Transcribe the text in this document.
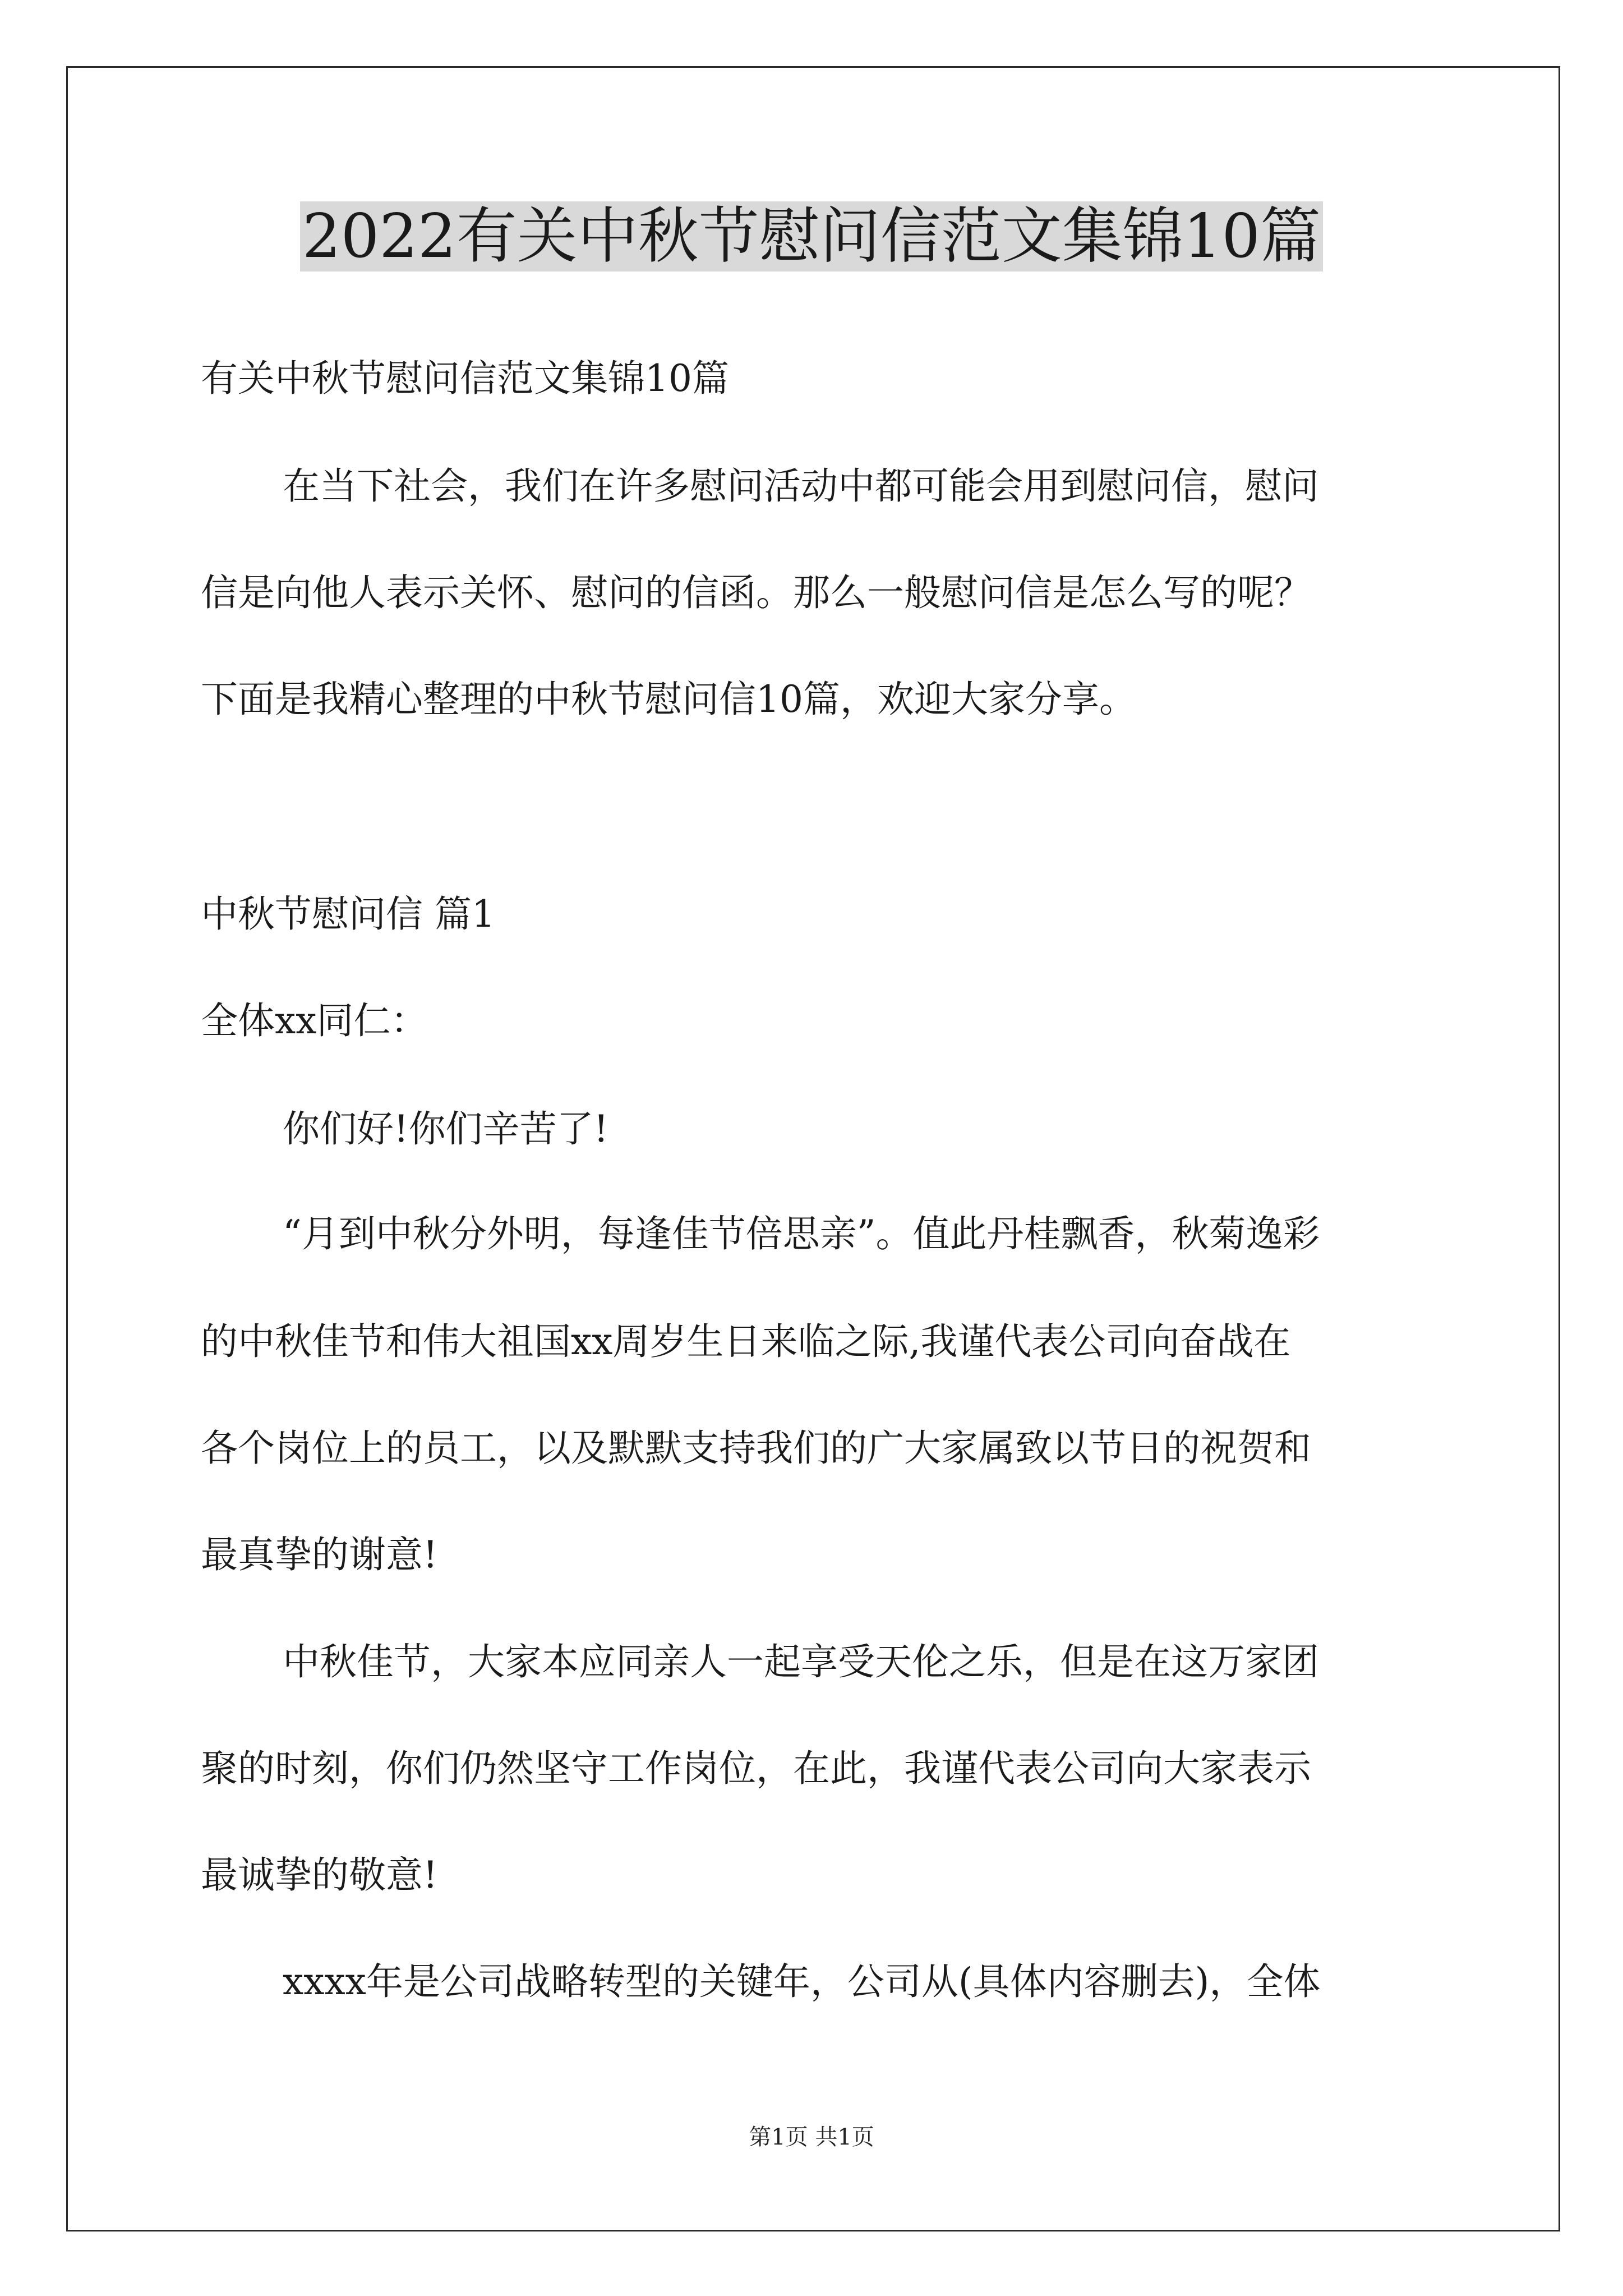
2022有关中秋节慰问信范文集锦10篇

有关中秋节慰问信范文集锦10篇

在当下社会，我们在许多慰问活动中都可能会用到慰问信，慰问

信是向他人表示关怀、慰问的信函。那么一般慰问信是怎么写的呢？

下面是我精心整理的中秋节慰问信10篇，欢迎大家分享。

中秋节慰问信 篇1

全体xx同仁：

你们好!你们辛苦了!

“月到中秋分外明，每逢佳节倍思亲”。值此丹桂飘香，秋菊逸彩

的中秋佳节和伟大祖国xx周岁生日来临之际,我谨代表公司向奋战在

各个岗位上的员工，以及默默支持我们的广大家属致以节日的祝贺和

最真挚的谢意!

中秋佳节，大家本应同亲人一起享受天伦之乐，但是在这万家团

聚的时刻，你们仍然坚守工作岗位，在此，我谨代表公司向大家表示

最诚挚的敬意!

xxxx年是公司战略转型的关键年，公司从(具体内容删去)，全体

第1页 共1页
